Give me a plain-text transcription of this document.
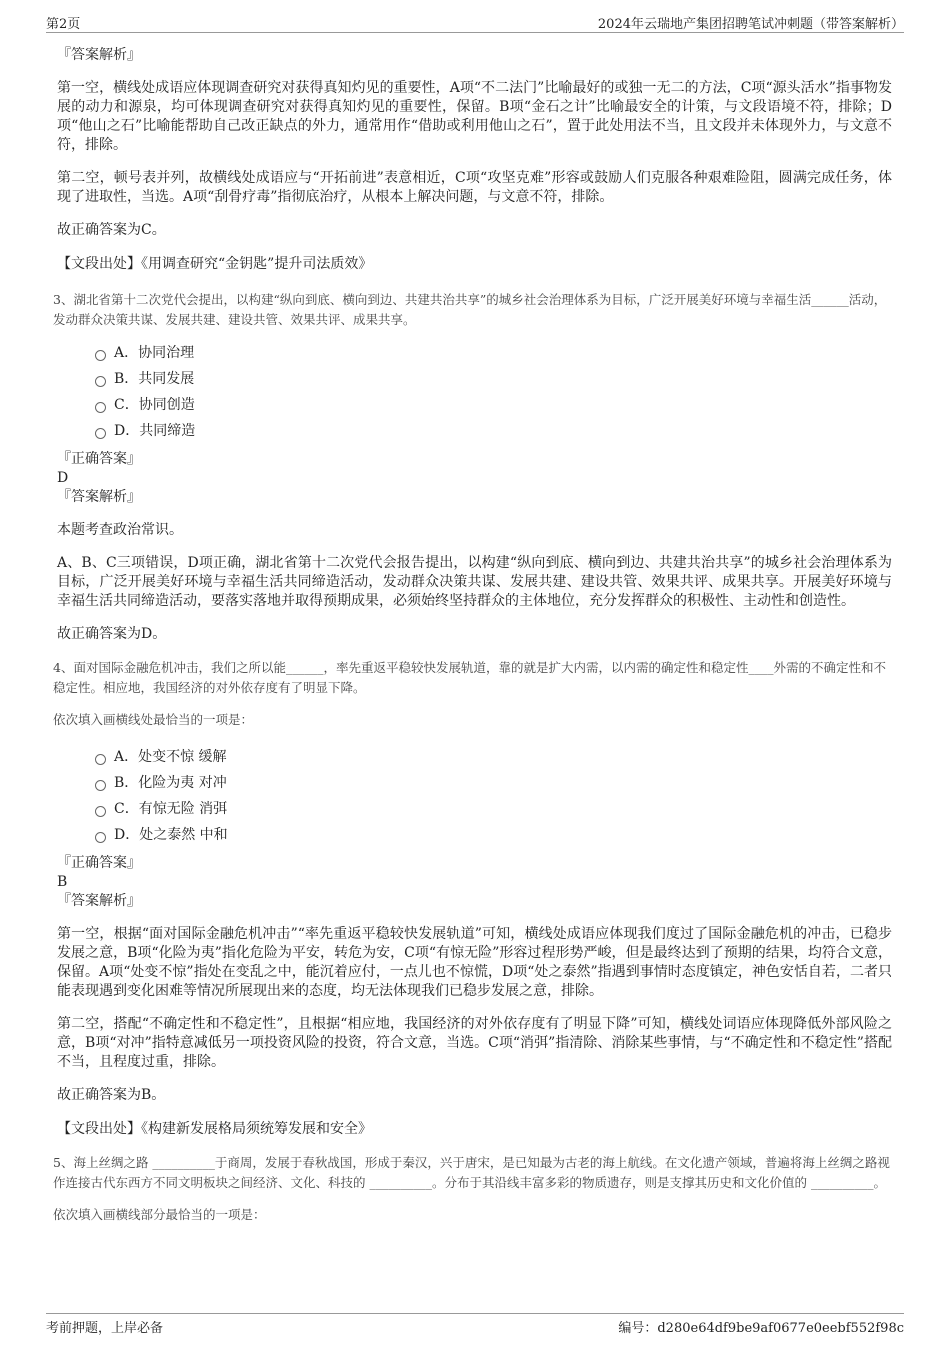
第2页	2024年云瑞地产集团招聘笔试冲刺题（带答案解析）

『答案解析』

第一空，横线处成语应体现调查研究对获得真知灼见的重要性，A项“不二法门”比喻最好的或独一无二的方法，C项“源头活水”指事物发展的动力和源泉，均可体现调查研究对获得真知灼见的重要性，保留。B项“金石之计”比喻最安全的计策，与文段语境不符，排除；D项“他山之石”比喻能帮助自己改正缺点的外力，通常用作“借助或利用他山之石”，置于此处用法不当，且文段并未体现外力，与文意不符，排除。

第二空，顿号表并列，故横线处成语应与“开拓前进”表意相近，C项“攻坚克难”形容或鼓励人们克服各种艰难险阻，圆满完成任务，体现了进取性，当选。A项“刮骨疗毒”指彻底治疗，从根本上解决问题，与文意不符，排除。

故正确答案为C。

【文段出处】《用调查研究“金钥匙”提升司法质效》

3、湖北省第十二次党代会提出，以构建“纵向到底、横向到边、共建共治共享”的城乡社会治理体系为目标，广泛开展美好环境与幸福生活______活动，发动群众决策共谋、发展共建、建设共管、效果共评、成果共享。

A．协同治理
B．共同发展
C．协同创造
D．共同缔造

『正确答案』

D

『答案解析』

本题考查政治常识。

A、B、C三项错误，D项正确，湖北省第十二次党代会报告提出，以构建“纵向到底、横向到边、共建共治共享”的城乡社会治理体系为目标，广泛开展美好环境与幸福生活共同缔造活动，发动群众决策共谋、发展共建、建设共管、效果共评、成果共享。开展美好环境与幸福生活共同缔造活动，要落实落地并取得预期成果，必须始终坚持群众的主体地位，充分发挥群众的积极性、主动性和创造性。

故正确答案为D。

4、面对国际金融危机冲击，我们之所以能______，率先重返平稳较快发展轨道，靠的就是扩大内需，以内需的确定性和稳定性____外需的不确定性和不稳定性。相应地，我国经济的对外依存度有了明显下降。

依次填入画横线处最恰当的一项是：

A．处变不惊 缓解
B．化险为夷 对冲
C．有惊无险 消弭
D．处之泰然 中和

『正确答案』

B

『答案解析』

第一空，根据“面对国际金融危机冲击”“率先重返平稳较快发展轨道”可知，横线处成语应体现我们度过了国际金融危机的冲击，已稳步发展之意，B项“化险为夷”指化危险为平安，转危为安，C项“有惊无险”形容过程形势严峻，但是最终达到了预期的结果，均符合文意，保留。A项“处变不惊”指处在变乱之中，能沉着应付，一点儿也不惊慌，D项“处之泰然”指遇到事情时态度镇定，神色安恬自若，二者只能表现遇到变化困难等情况所展现出来的态度，均无法体现我们已稳步发展之意，排除。

第二空，搭配“不确定性和不稳定性”，且根据“相应地，我国经济的对外依存度有了明显下降”可知，横线处词语应体现降低外部风险之意，B项“对冲”指特意减低另一项投资风险的投资，符合文意，当选。C项“消弭”指清除、消除某些事情，与“不确定性和不稳定性”搭配不当，且程度过重，排除。

故正确答案为B。

【文段出处】《构建新发展格局须统筹发展和安全》

5、海上丝绸之路 __________于商周，发展于春秋战国，形成于秦汉，兴于唐宋，是已知最为古老的海上航线。在文化遗产领域，普遍将海上丝绸之路视作连接古代东西方不同文明板块之间经济、文化、科技的 __________。分布于其沿线丰富多彩的物质遗存，则是支撑其历史和文化价值的 __________。

依次填入画横线部分最恰当的一项是：

考前押题，上岸必备	编号：d280e64df9be9af0677e0eebf552f98c
